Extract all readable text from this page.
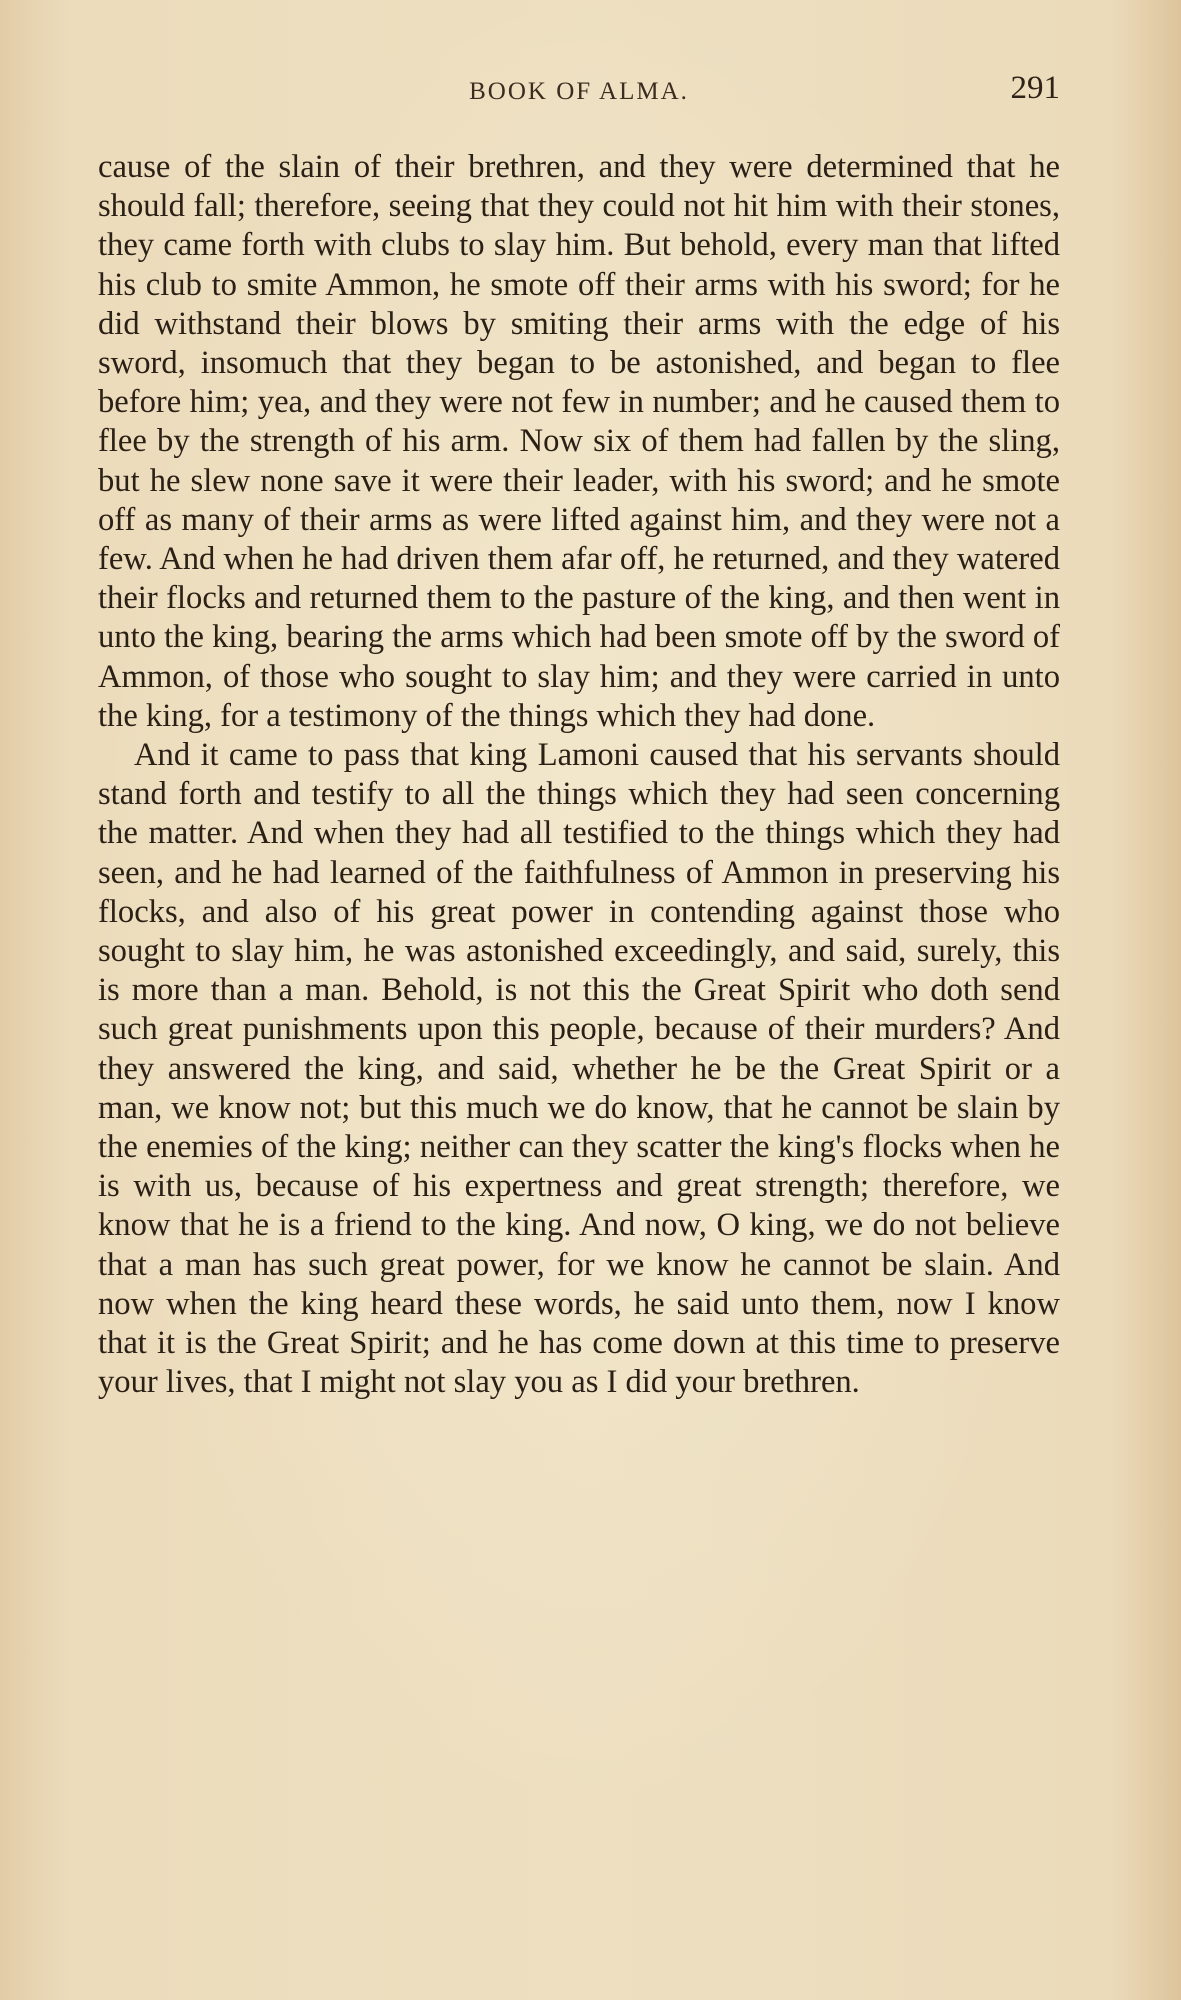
BOOK OF ALMA.	291

cause of the slain of their brethren, and they were determined that he should fall; therefore, seeing that they could not hit him with their stones, they came forth with clubs to slay him. But behold, every man that lifted his club to smite Ammon, he smote off their arms with his sword; for he did withstand their blows by smiting their arms with the edge of his sword, insomuch that they began to be astonished, and began to flee before him; yea, and they were not few in number; and he caused them to flee by the strength of his arm. Now six of them had fallen by the sling, but he slew none save it were their leader, with his sword; and he smote off as many of their arms as were lifted against him, and they were not a few. And when he had driven them afar off, he returned, and they watered their flocks and returned them to the pasture of the king, and then went in unto the king, bearing the arms which had been smote off by the sword of Ammon, of those who sought to slay him; and they were carried in unto the king, for a testimony of the things which they had done.

And it came to pass that king Lamoni caused that his servants should stand forth and testify to all the things which they had seen concerning the matter. And when they had all testified to the things which they had seen, and he had learned of the faithfulness of Ammon in preserving his flocks, and also of his great power in contending against those who sought to slay him, he was astonished exceedingly, and said, surely, this is more than a man. Behold, is not this the Great Spirit who doth send such great punishments upon this people, because of their murders? And they answered the king, and said, whether he be the Great Spirit or a man, we know not; but this much we do know, that he cannot be slain by the enemies of the king; neither can they scatter the king's flocks when he is with us, because of his expertness and great strength; therefore, we know that he is a friend to the king. And now, O king, we do not believe that a man has such great power, for we know he cannot be slain. And now when the king heard these words, he said unto them, now I know that it is the Great Spirit; and he has come down at this time to preserve your lives, that I might not slay you as I did your brethren.
